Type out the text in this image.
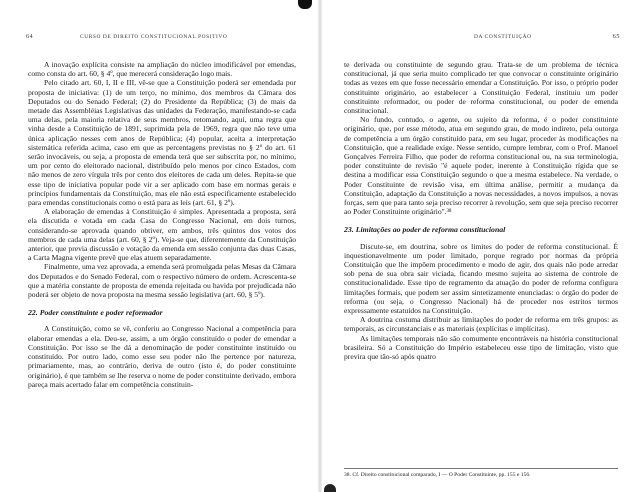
64	CURSO DE DIREITO CONSTITUCIONAL POSITIVO

A inovação explícita consiste na ampliação do núcleo imodificável por emendas, como consta do art. 60, § 4º, que merecerá consideração logo mais.

Pelo citado art. 60, I, II e III, vê-se que a Constituição poderá ser emendada por proposta de iniciativa: (1) de um terço, no mínimo, dos membros da Câmara dos Deputados ou do Senado Federal; (2) do Presidente da República; (3) de mais da metade das Assembléias Legislativas das unidades da Federação, manifestando-se cada uma delas, pela maioria relativa de seus membros, retomando, aqui, uma regra que vinha desde a Constituição de 1891, suprimida pela de 1969, regra que não teve uma única aplicação nesses cem anos de República; (4) popular, aceita a interpretação sistemática referida acima, caso em que as percentagens previstas no § 2º do art. 61 serão invocáveis, ou seja, a proposta de emenda terá que ser subscrita por, no mínimo, um por cento do eleitorado nacional, distribuído pelo menos por cinco Estados, com não menos de zero vírgula três por cento dos eleitores de cada um deles. Repita-se que esse tipo de iniciativa popular pode vir a ser aplicado com base em normas gerais e princípios fundamentais da Constituição, mas ele não está especificamente estabelecido para emendas constitucionais como o está para as leis (art. 61, § 2º).

A elaboração de emendas à Constituição é simples. Apresentada a proposta, será ela discutida e votada em cada Casa do Congresso Nacional, em dois turnos, considerando-se aprovada quando obtiver, em ambos, três quintos dos votos dos membros de cada uma delas (art. 60, § 2º). Veja-se que, diferentemente da Constituição anterior, que previa discussão e votação da emenda em sessão conjunta das duas Casas, a Carta Magna vigente prevê que elas atuem separadamente.

Finalmente, uma vez aprovada, a emenda será promulgada pelas Mesas da Câmara dos Deputados e do Senado Federal, com o respectivo número de ordem. Acrescenta-se que a matéria constante de proposta de emenda rejeitada ou havida por prejudicada não poderá ser objeto de nova proposta na mesma sessão legislativa (art. 60, § 5º).

22. Poder constituinte e poder reformador

A Constituição, como se vê, conferiu ao Congresso Nacional a competência para elaborar emendas a ela. Deu-se, assim, a um órgão constituído o poder de emendar a Constituição. Por isso se lhe dá a denominação de poder constituinte instituído ou constituído. Por outro lado, como esse seu poder não lhe pertence por natureza, primariamente, mas, ao contrário, deriva de outro (isto é, do poder constituinte originário), é que também se lhe reserva o nome de poder constituinte derivado, embora pareça mais acertado falar em competência constituin-

DA CONSTITUIÇÃO	65

te derivada ou constituinte de segundo grau. Trata-se de um problema de técnica constitucional, já que seria muito complicado ter que convocar o constituinte originário todas as vezes em que fosse necessário emendar a Constituição. Por isso, o próprio poder constituinte originário, ao estabelecer a Constituição Federal, instituiu um poder constituinte reformador, ou poder de reforma constitucional, ou poder de emenda constitucional.

No fundo, contudo, o agente, ou sujeito da reforma, é o poder constituinte originário, que, por esse método, atua em segundo grau, de modo indireto, pela outorga de competência a um órgão constituído para, em seu lugar, proceder às modificações na Constituição, que a realidade exige. Nesse sentido, cumpre lembrar, com o Prof. Manoel Gonçalves Ferreira Filho, que poder de reforma constitucional ou, na sua terminologia, poder constituinte de revisão "é aquele poder, inerente à Constituição rígida que se destina a modificar essa Constituição segundo o que a mesma estabelece. Na verdade, o Poder Constituinte de revisão visa, em última análise, permitir a mudança da Constituição, adaptação da Constituição a novas necessidades, a novos impulsos, a novas forças, sem que para tanto seja preciso recorrer à revolução, sem que seja preciso recorrer ao Poder Constituinte originário".³⁸

23. Limitações ao poder de reforma constitucional

Discute-se, em doutrina, sobre os limites do poder de reforma constitucional. É inquestionavelmente um poder limitado, porque regrado por normas da própria Constituição que lhe impõem procedimento e modo de agir, dos quais não pode arredar sob pena de sua obra sair viciada, ficando mesmo sujeita ao sistema de controle de constitucionalidade. Esse tipo de regramento da atuação do poder de reforma configura limitações formais, que podem ser assim sintetizamente enunciadas: o órgão do poder de reforma (ou seja, o Congresso Nacional) há de proceder nos estritos termos expressamente estatuídos na Constituição.

A doutrina costuma distribuir as limitações do poder de reforma em três grupos: as temporais, as circunstanciais e as materiais (explícitas e implícitas).

As limitações temporais não são comumente encontráveis na história constitucional brasileira. Só a Constituição do Império estabeleceu esse tipo de limitação, visto que previra que tão-só após quatro

38. Cf. Direito constitucional comparado, I — O Poder Constituinte, pp. 155 e 156.
